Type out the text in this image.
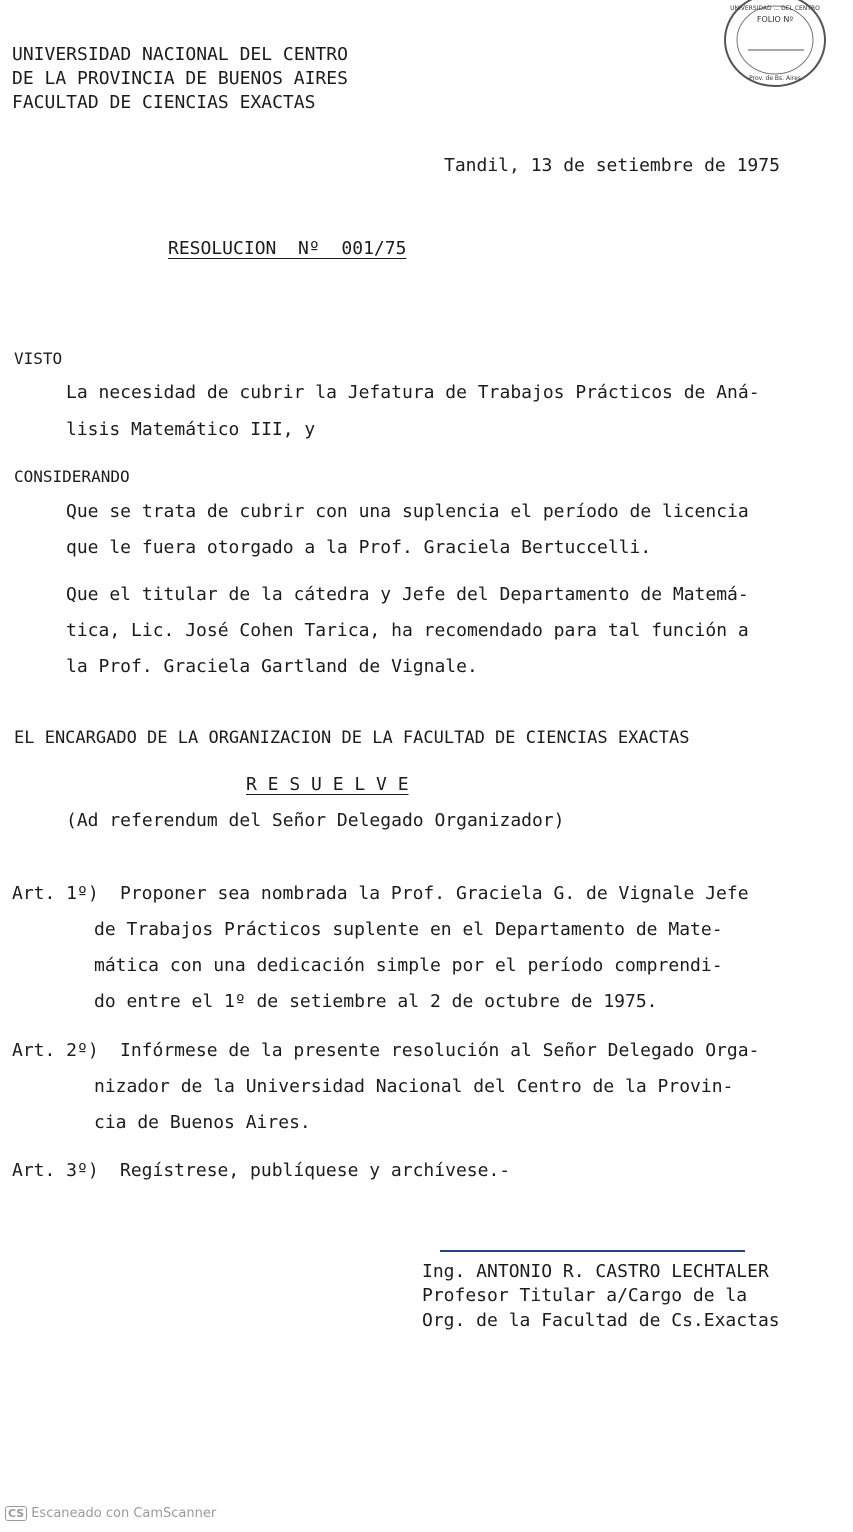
UNIVERSIDAD NACIONAL DEL CENTRO
DE LA PROVINCIA DE BUENOS AIRES
FACULTAD DE CIENCIAS EXACTAS
FOLIO Nº
Prov. de Bs. Aires
UNIVERSIDAD ... DEL CENTRO
Tandil, 13 de setiembre de 1975
RESOLUCION  Nº  001/75
VISTO
La necesidad de cubrir la Jefatura de Trabajos Prácticos de Aná-
lisis Matemático III, y
CONSIDERANDO
Que se trata de cubrir con una suplencia el período de licencia
que le fuera otorgado a la Prof. Graciela Bertuccelli.
Que el titular de la cátedra y Jefe del Departamento de Matemá-
tica, Lic. José Cohen Tarica, ha recomendado para tal función a
la Prof. Graciela Gartland de Vignale.
EL ENCARGADO DE LA ORGANIZACION DE LA FACULTAD DE CIENCIAS EXACTAS
R E S U E L V E
(Ad referendum del Señor Delegado Organizador)
Art. 1º) Proponer sea nombrada la Prof. Graciela G. de Vignale Jefe
de Trabajos Prácticos suplente en el Departamento de Mate-
mática con una dedicación simple por el período comprendi-
do entre el 1º de setiembre al 2 de octubre de 1975.
Art. 2º) Infórmese de la presente resolución al Señor Delegado Orga-
nizador de la Universidad Nacional del Centro de la Provin-
cia de Buenos Aires.
Art. 3º) Regístrese, publíquese y archívese.-
Ing. ANTONIO R. CASTRO LECHTALER
Profesor Titular a/Cargo de la
Org. de la Facultad de Cs.Exactas
CS Escaneado con CamScanner
